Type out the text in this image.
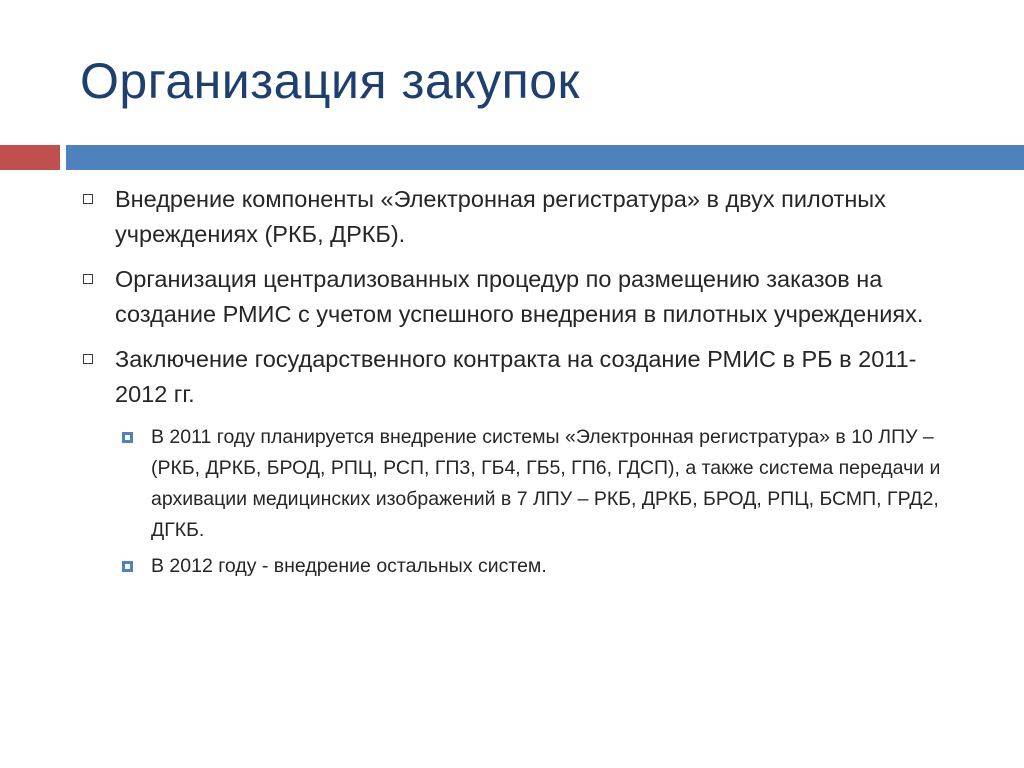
Организация закупок
Внедрение компоненты «Электронная регистратура» в двух пилотных учреждениях (РКБ, ДРКБ).
Организация централизованных процедур по размещению заказов на создание РМИС с учетом успешного внедрения в пилотных учреждениях.
Заключение государственного контракта на создание РМИС в РБ в 2011-2012 гг.
В 2011 году планируется внедрение системы «Электронная регистратура» в 10 ЛПУ – (РКБ, ДРКБ, БРОД, РПЦ, РСП, ГП3, ГБ4, ГБ5, ГП6, ГДСП), а также система передачи и архивации медицинских изображений в 7 ЛПУ – РКБ, ДРКБ, БРОД, РПЦ, БСМП, ГРД2, ДГКБ.
В 2012 году - внедрение остальных систем.
